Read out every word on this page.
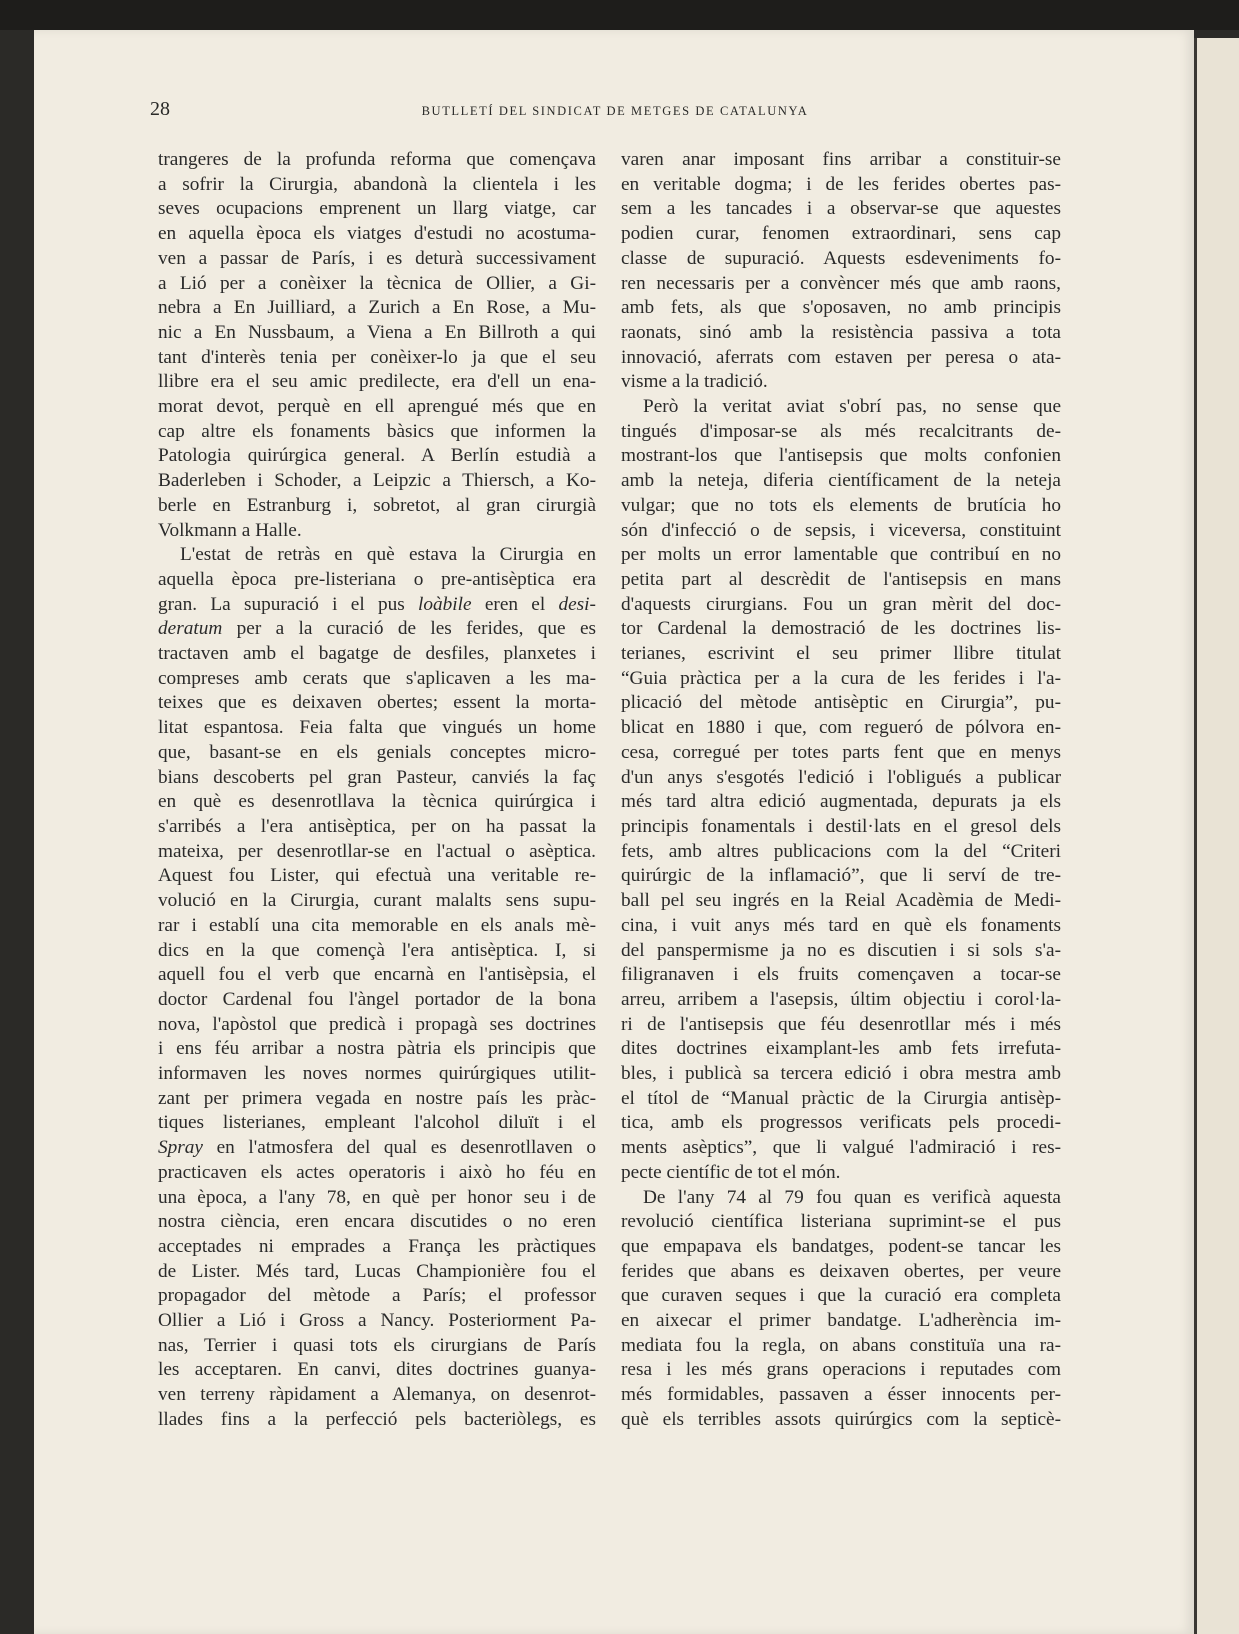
28	BUTLLETÍ DEL SINDICAT DE METGES DE CATALUNYA

trangeres de la profunda reforma que començava

a sofrir la Cirurgia, abandonà la clientela i les

seves ocupacions emprenent un llarg viatge, car

en aquella època els viatges d'estudi no acostuma-

ven a passar de París, i es deturà successivament

a Lió per a conèixer la tècnica de Ollier, a Gi-

nebra a En Juilliard, a Zurich a En Rose, a Mu-

nic a En Nussbaum, a Viena a En Billroth a qui

tant d'interès tenia per conèixer-lo ja que el seu

llibre era el seu amic predilecte, era d'ell un ena-

morat devot, perquè en ell aprengué més que en

cap altre els fonaments bàsics que informen la

Patologia quirúrgica general. A Berlín estudià a

Baderleben i Schoder, a Leipzic a Thiersch, a Ko-

berle en Estranburg i, sobretot, al gran cirurgià

Volkmann a Halle.

L'estat de retràs en què estava la Cirurgia en

aquella època pre-listeriana o pre-antisèptica era

gran. La supuració i el pus loàbile eren el desi-

deratum per a la curació de les ferides, que es

tractaven amb el bagatge de desfiles, planxetes i

compreses amb cerats que s'aplicaven a les ma-

teixes que es deixaven obertes; essent la morta-

litat espantosa. Feia falta que vingués un home

que, basant-se en els genials conceptes micro-

bians descoberts pel gran Pasteur, canviés la faç

en què es desenrotllava la tècnica quirúrgica i

s'arribés a l'era antisèptica, per on ha passat la

mateixa, per desenrotllar-se en l'actual o asèptica.

Aquest fou Lister, qui efectuà una veritable re-

volució en la Cirurgia, curant malalts sens supu-

rar i establí una cita memorable en els anals mè-

dics en la que començà l'era antisèptica. I, si

aquell fou el verb que encarnà en l'antisèpsia, el

doctor Cardenal fou l'àngel portador de la bona

nova, l'apòstol que predicà i propagà ses doctrines

i ens féu arribar a nostra pàtria els principis que

informaven les noves normes quirúrgiques utilit-

zant per primera vegada en nostre país les pràc-

tiques listerianes, empleant l'alcohol diluït i el

Spray en l'atmosfera del qual es desenrotllaven o

practicaven els actes operatoris i això ho féu en

una època, a l'any 78, en què per honor seu i de

nostra ciència, eren encara discutides o no eren

acceptades ni emprades a França les pràctiques

de Lister. Més tard, Lucas Championière fou el

propagador del mètode a París; el professor

Ollier a Lió i Gross a Nancy. Posteriorment Pa-

nas, Terrier i quasi tots els cirurgians de París

les acceptaren. En canvi, dites doctrines guanya-

ven terreny ràpidament a Alemanya, on desenrot-

llades fins a la perfecció pels bacteriòlegs, es

varen anar imposant fins arribar a constituir-se

en veritable dogma; i de les ferides obertes pas-

sem a les tancades i a observar-se que aquestes

podien curar, fenomen extraordinari, sens cap

classe de supuració. Aquests esdeveniments fo-

ren necessaris per a convèncer més que amb raons,

amb fets, als que s'oposaven, no amb principis

raonats, sinó amb la resistència passiva a tota

innovació, aferrats com estaven per peresa o ata-

visme a la tradició.

Però la veritat aviat s'obrí pas, no sense que

tingués d'imposar-se als més recalcitrants de-

mostrant-los que l'antisepsis que molts confonien

amb la neteja, diferia científicament de la neteja

vulgar; que no tots els elements de brutícia ho

són d'infecció o de sepsis, i viceversa, constituint

per molts un error lamentable que contribuí en no

petita part al descrèdit de l'antisepsis en mans

d'aquests cirurgians. Fou un gran mèrit del doc-

tor Cardenal la demostració de les doctrines lis-

terianes, escrivint el seu primer llibre titulat

“Guia pràctica per a la cura de les ferides i l'a-

plicació del mètode antisèptic en Cirurgia”, pu-

blicat en 1880 i que, com regueró de pólvora en-

cesa, corregué per totes parts fent que en menys

d'un anys s'esgotés l'edició i l'obligués a publicar

més tard altra edició augmentada, depurats ja els

principis fonamentals i destil·lats en el gresol dels

fets, amb altres publicacions com la del “Criteri

quirúrgic de la inflamació”, que li serví de tre-

ball pel seu ingrés en la Reial Acadèmia de Medi-

cina, i vuit anys més tard en què els fonaments

del panspermisme ja no es discutien i si sols s'a-

filigranaven i els fruits començaven a tocar-se

arreu, arribem a l'asepsis, últim objectiu i corol·la-

ri de l'antisepsis que féu desenrotllar més i més

dites doctrines eixamplant-les amb fets irrefuta-

bles, i publicà sa tercera edició i obra mestra amb

el títol de “Manual pràctic de la Cirurgia antisèp-

tica, amb els progressos verificats pels procedi-

ments asèptics”, que li valgué l'admiració i res-

pecte científic de tot el món.

De l'any 74 al 79 fou quan es verificà aquesta

revolució científica listeriana suprimint-se el pus

que empapava els bandatges, podent-se tancar les

ferides que abans es deixaven obertes, per veure

que curaven seques i que la curació era completa

en aixecar el primer bandatge. L'adherència im-

mediata fou la regla, on abans constituïa una ra-

resa i les més grans operacions i reputades com

més formidables, passaven a ésser innocents per-

què els terribles assots quirúrgics com la septicè-
